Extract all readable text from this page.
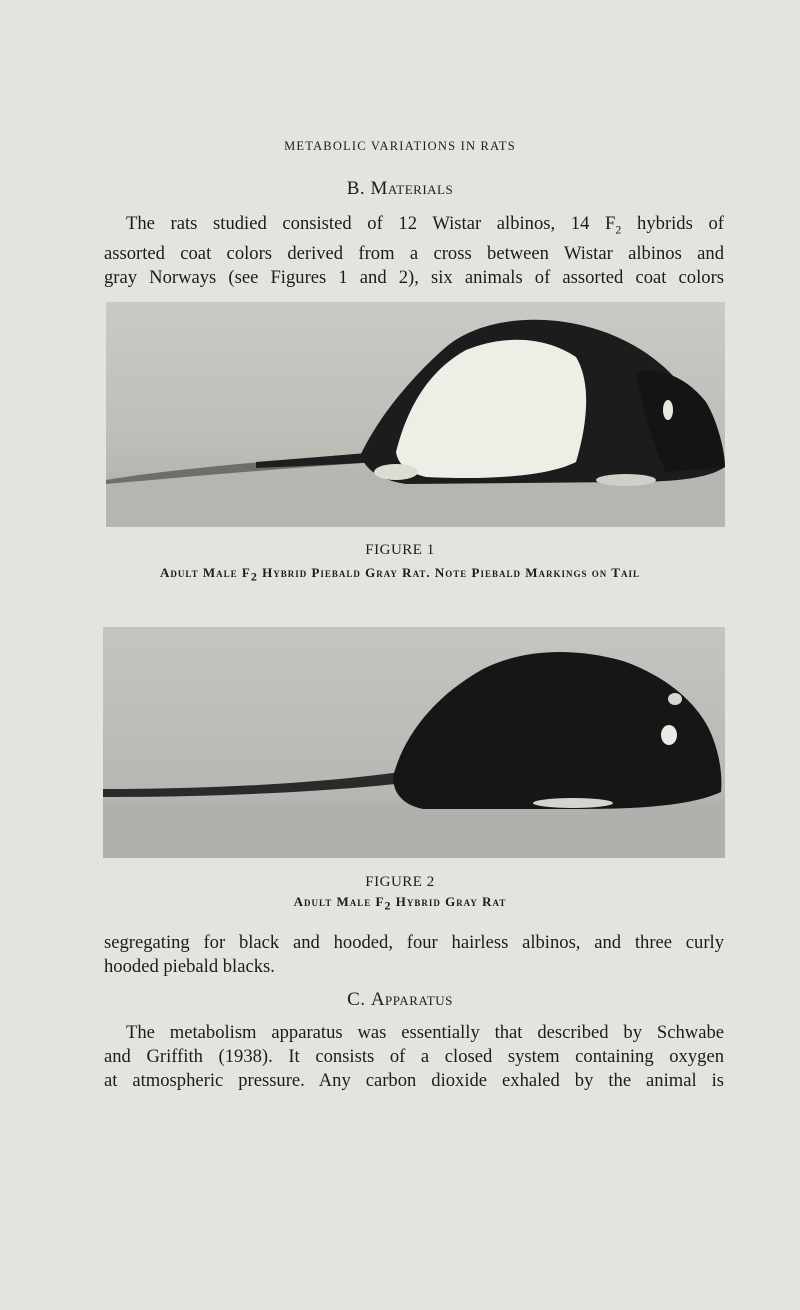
METABOLIC VARIATIONS IN RATS
B. Materials
The rats studied consisted of 12 Wistar albinos, 14 $F_2$ hybrids of
assorted coat colors derived from a cross between Wistar albinos and
gray Norways (see Figures 1 and 2), six animals of assorted coat colors
FIGURE 1
Adult Male $F_2$ Hybrid Piebald Gray Rat. Note Piebald Markings on Tail
FIGURE 2
Adult Male $F_2$ Hybrid Gray Rat
segregating for black and hooded, four hairless albinos, and three curly
hooded piebald blacks.
C. Apparatus
The metabolism apparatus was essentially that described by Schwabe
and Griffith (1938). It consists of a closed system containing oxygen
at atmospheric pressure. Any carbon dioxide exhaled by the animal is
